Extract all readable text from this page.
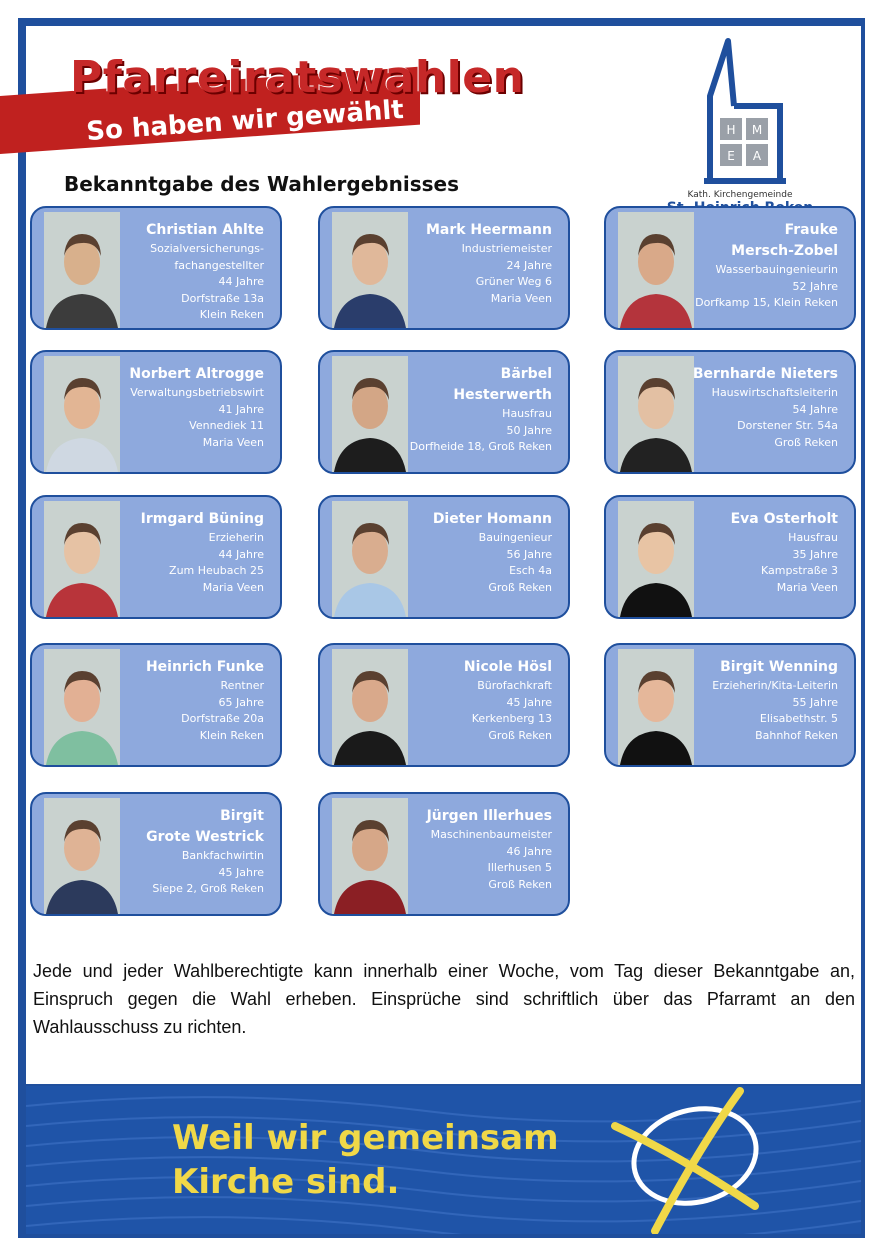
Pfarreiratswahlen
So haben wir gewählt
Bekanntgabe des Wahlergebnisses
H M
E A
Kath. Kirchengemeinde
Christian Ahlte
Sozialversicherungs-
fachangestellter
44 Jahre
Dorfstraße 13a
Klein Reken
Mark Heermann
Industriemeister
24 Jahre
Grüner Weg 6
Maria Veen
Frauke
Mersch-Zobel
Wasserbauingenieurin
52 Jahre
Dorfkamp 15, Klein Reken
Norbert Altrogge
Verwaltungsbetriebswirt
41 Jahre
Vennediek 11
Maria Veen
Bärbel
Hesterwerth
Hausfrau
50 Jahre
Dorfheide 18, Groß Reken
Bernharde Nieters
Hauswirtschaftsleiterin
54 Jahre
Dorstener Str. 54a
Groß Reken
Irmgard Büning
Erzieherin
44 Jahre
Zum Heubach 25
Maria Veen
Dieter Homann
Bauingenieur
56 Jahre
Esch 4a
Groß Reken
Eva Osterholt
Hausfrau
35 Jahre
Kampstraße 3
Maria Veen
Heinrich Funke
Rentner
65 Jahre
Dorfstraße 20a
Klein Reken
Nicole Hösl
Bürofachkraft
45 Jahre
Kerkenberg 13
Groß Reken
Birgit Wenning
Erzieherin/Kita-Leiterin
55 Jahre
Elisabethstr. 5
Bahnhof Reken
Birgit
Grote Westrick
Bankfachwirtin
45 Jahre
Siepe 2, Groß Reken
Jürgen Illerhues
Maschinenbaumeister
46 Jahre
Illerhusen 5
Groß Reken
Jede und jeder Wahlberechtigte kann innerhalb einer Woche, vom Tag dieser Bekanntgabe an, Einspruch gegen die Wahl erheben. Einsprüche sind schriftlich über das Pfarramt an den Wahlausschuss zu richten.
Weil wir gemeinsam
Kirche sind.
